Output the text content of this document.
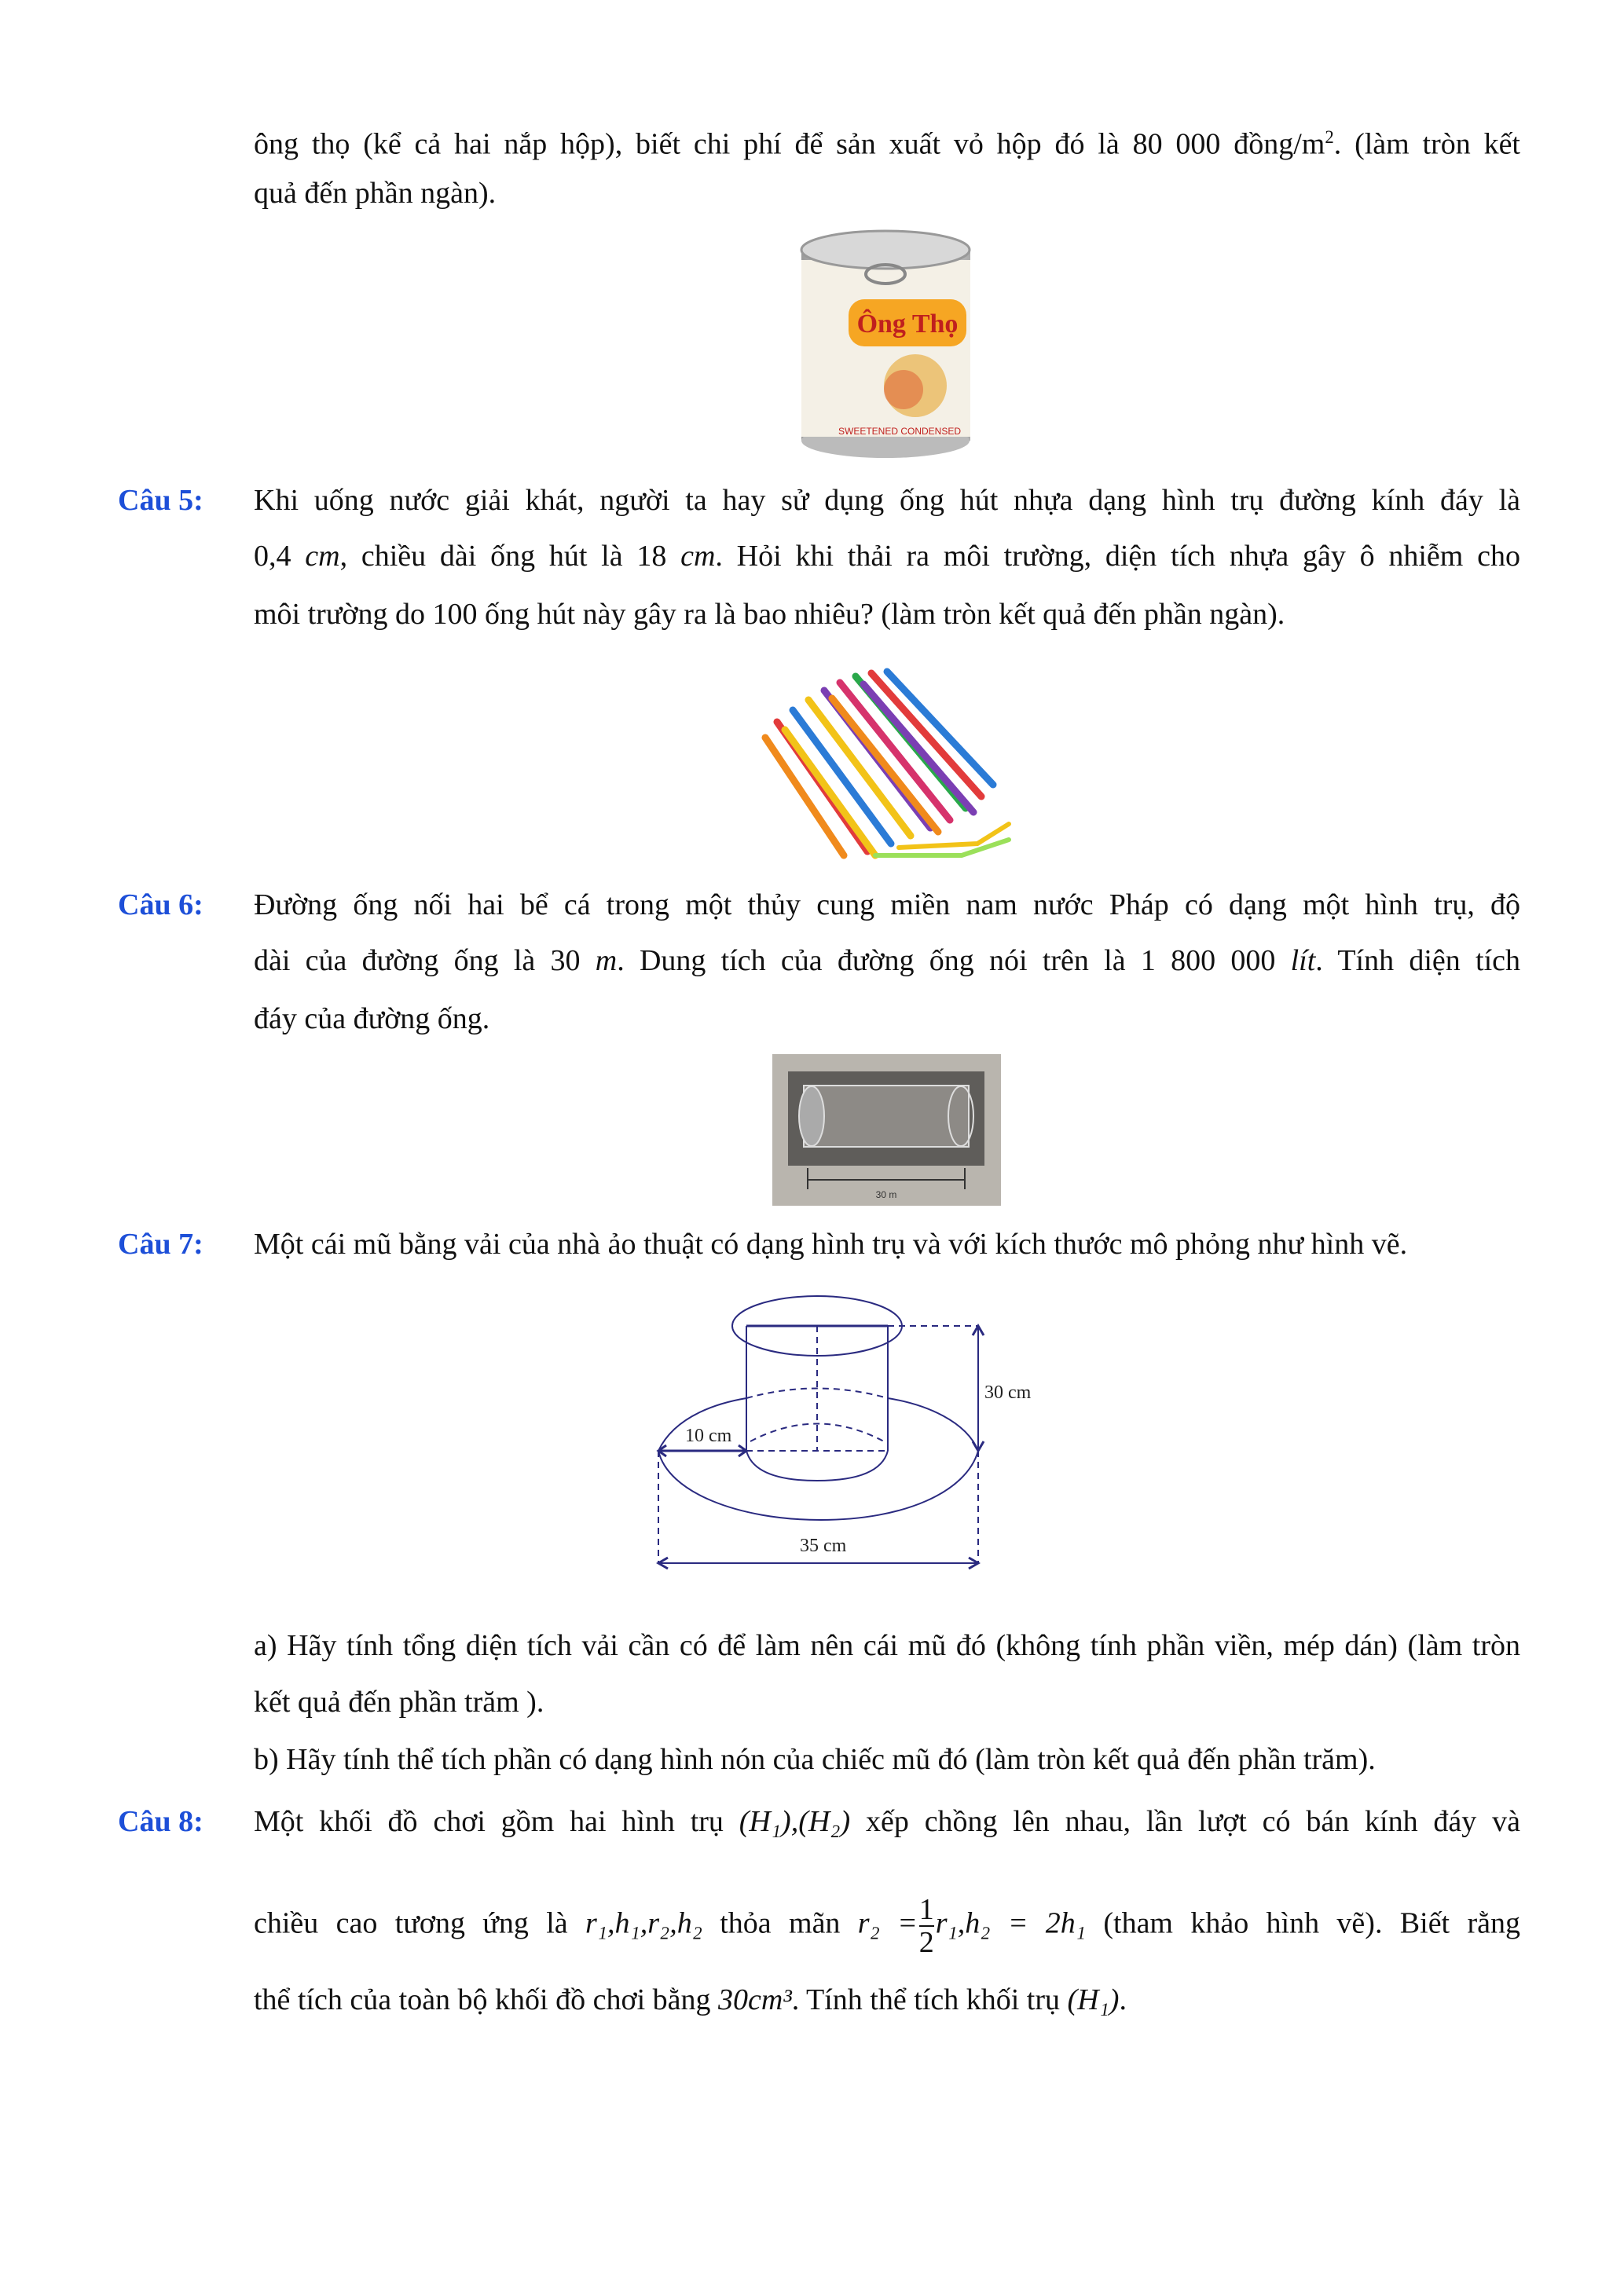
ông thọ (kể cả hai nắp hộp), biết chi phí để sản xuất vỏ hộp đó là 80 000 đồng/$m^2$. (làm tròn kết
quả đến phần ngàn).
Ông Thọ
SWEETENED CONDENSED
Câu 5: Khi uống nước giải khát, người ta hay sử dụng ống hút nhựa dạng hình trụ đường kính đáy là
0,4 cm, chiều dài ống hút là 18 cm. Hỏi khi thải ra môi trường, diện tích nhựa gây ô nhiễm cho
môi trường do 100 ống hút này gây ra là bao nhiêu? (làm tròn kết quả đến phần ngàn).
Câu 6: Đường ống nối hai bể cá trong một thủy cung miền nam nước Pháp có dạng một hình trụ, độ
dài của đường ống là 30 m. Dung tích của đường ống nói trên là 1 800 000 lít. Tính diện tích
đáy của đường ống.
30 m
Câu 7: Một cái mũ bằng vải của nhà ảo thuật có dạng hình trụ và với kích thước mô phỏng như hình vẽ.
30 cm
10 cm
35 cm
a) Hãy tính tổng diện tích vải cần có để làm nên cái mũ đó (không tính phần viền, mép dán) (làm tròn
kết quả đến phần trăm ).
b) Hãy tính thể tích phần có dạng hình nón của chiếc mũ đó (làm tròn kết quả đến phần trăm).
Câu 8: Một khối đồ chơi gồm hai hình trụ (H₁),(H₂) xếp chồng lên nhau, lần lượt có bán kính đáy và
chiều cao tương ứng là r₁,h₁,r₂,h₂ thỏa mãn $r_2 = \frac{1}{2} r_1,h_2 = 2h_1$ (tham khảo hình vẽ). Biết rằng
thể tích của toàn bộ khối đồ chơi bằng 30cm³. Tính thể tích khối trụ (H₁).
